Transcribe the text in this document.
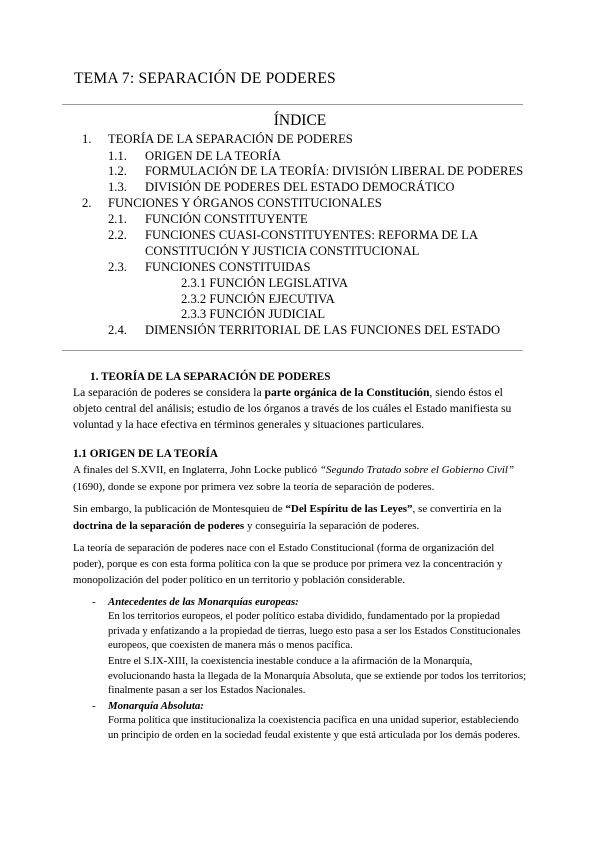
TEMA 7: SEPARACIÓN DE PODERES
ÍNDICE
1. TEORÍA DE LA SEPARACIÓN DE PODERES
1.1. ORIGEN DE LA TEORÍA
1.2. FORMULACIÓN DE LA TEORÍA: DIVISIÓN LIBERAL DE PODERES
1.3. DIVISIÓN DE PODERES DEL ESTADO DEMOCRÁTICO
2. FUNCIONES Y ÓRGANOS CONSTITUCIONALES
2.1. FUNCIÓN CONSTITUYENTE
2.2. FUNCIONES CUASI-CONSTITUYENTES: REFORMA DE LA
CONSTITUCIÓN Y JUSTICIA CONSTITUCIONAL
2.3. FUNCIONES CONSTITUIDAS
2.3.1 FUNCIÓN LEGISLATIVA
2.3.2 FUNCIÓN EJECUTIVA
2.3.3 FUNCIÓN JUDICIAL
2.4. DIMENSIÓN TERRITORIAL DE LAS FUNCIONES DEL ESTADO
1. TEORÍA DE LA SEPARACIÓN DE PODERES
La separación de poderes se considera la parte orgánica de la Constitución, siendo éstos el objeto central del análisis; estudio de los órganos a través de los cuáles el Estado manifiesta su voluntad y la hace efectiva en términos generales y situaciones particulares.
1.1 ORIGEN DE LA TEORÍA
A finales del S.XVII, en Inglaterra, John Locke publicó “Segundo Tratado sobre el Gobierno Civil” (1690), donde se expone por primera vez sobre la teoría de separación de poderes.
Sin embargo, la publicación de Montesquieu de “Del Espíritu de las Leyes”, se convertiría en la doctrina de la separación de poderes y conseguiría la separación de poderes.
La teoría de separación de poderes nace con el Estado Constitucional (forma de organización del poder), porque es con esta forma política con la que se produce por primera vez la concentración y monopolización del poder político en un territorio y población considerable.
- Antecedentes de las Monarquías europeas:
En los territorios europeos, el poder político estaba dividido, fundamentado por la propiedad privada y enfatizando a la propiedad de tierras, luego esto pasa a ser los Estados Constitucionales europeos, que coexisten de manera más o menos pacífica.
Entre el S.IX-XIII, la coexistencia inestable conduce a la afirmación de la Monarquía, evolucionando hasta la llegada de la Monarquía Absoluta, que se extiende por todos los territorios; finalmente pasan a ser los Estados Nacionales.
- Monarquía Absoluta:
Forma política que institucionaliza la coexistencia pacífica en una unidad superior, estableciendo un principio de orden en la sociedad feudal existente y que está articulada por los demás poderes.
